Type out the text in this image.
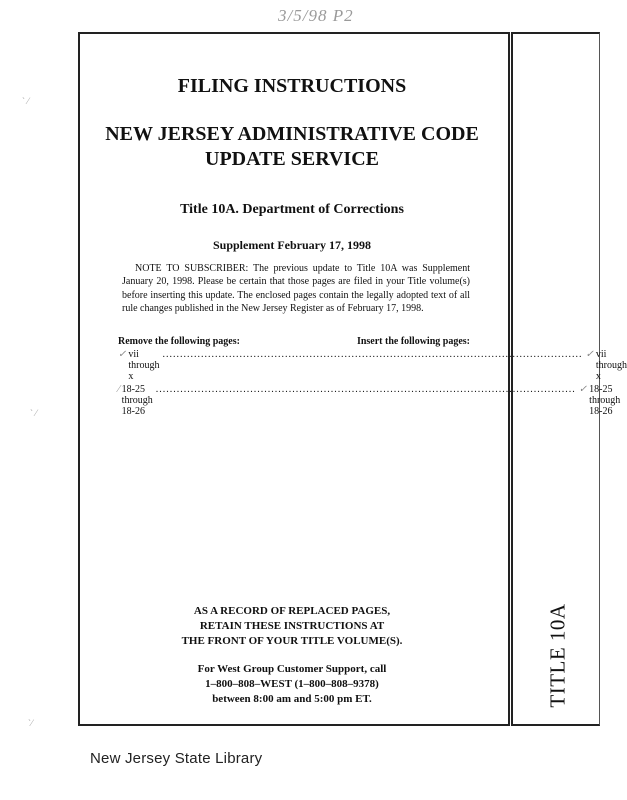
3/5/98 P2
` ⁄
` ⁄
`⁄
TITLE 10A
FILING INSTRUCTIONS
NEW JERSEY ADMINISTRATIVE CODE
UPDATE SERVICE
Title 10A. Department of Corrections
Supplement February 17, 1998
NOTE TO SUBSCRIBER: The previous update to Title 10A was Supplement January 20, 1998. Please be certain that those pages are filed in your Title volume(s) before inserting this update. The enclosed pages contain the legally adopted text of all rule changes published in the New Jersey Register as of February 17, 1998.
Remove the following pages:	Insert the following pages:
✓ vii through x
........................................................................................................................ ✓ vii through x
⁄ 18-25 through 18-26
........................................................................................................................ ✓ 18-25 through 18-26
AS A RECORD OF REPLACED PAGES,
RETAIN THESE INSTRUCTIONS AT
THE FRONT OF YOUR TITLE VOLUME(S).
For West Group Customer Support, call
1–800–808–WEST (1–800–808–9378)
between 8:00 am and 5:00 pm ET.
New Jersey State Library
